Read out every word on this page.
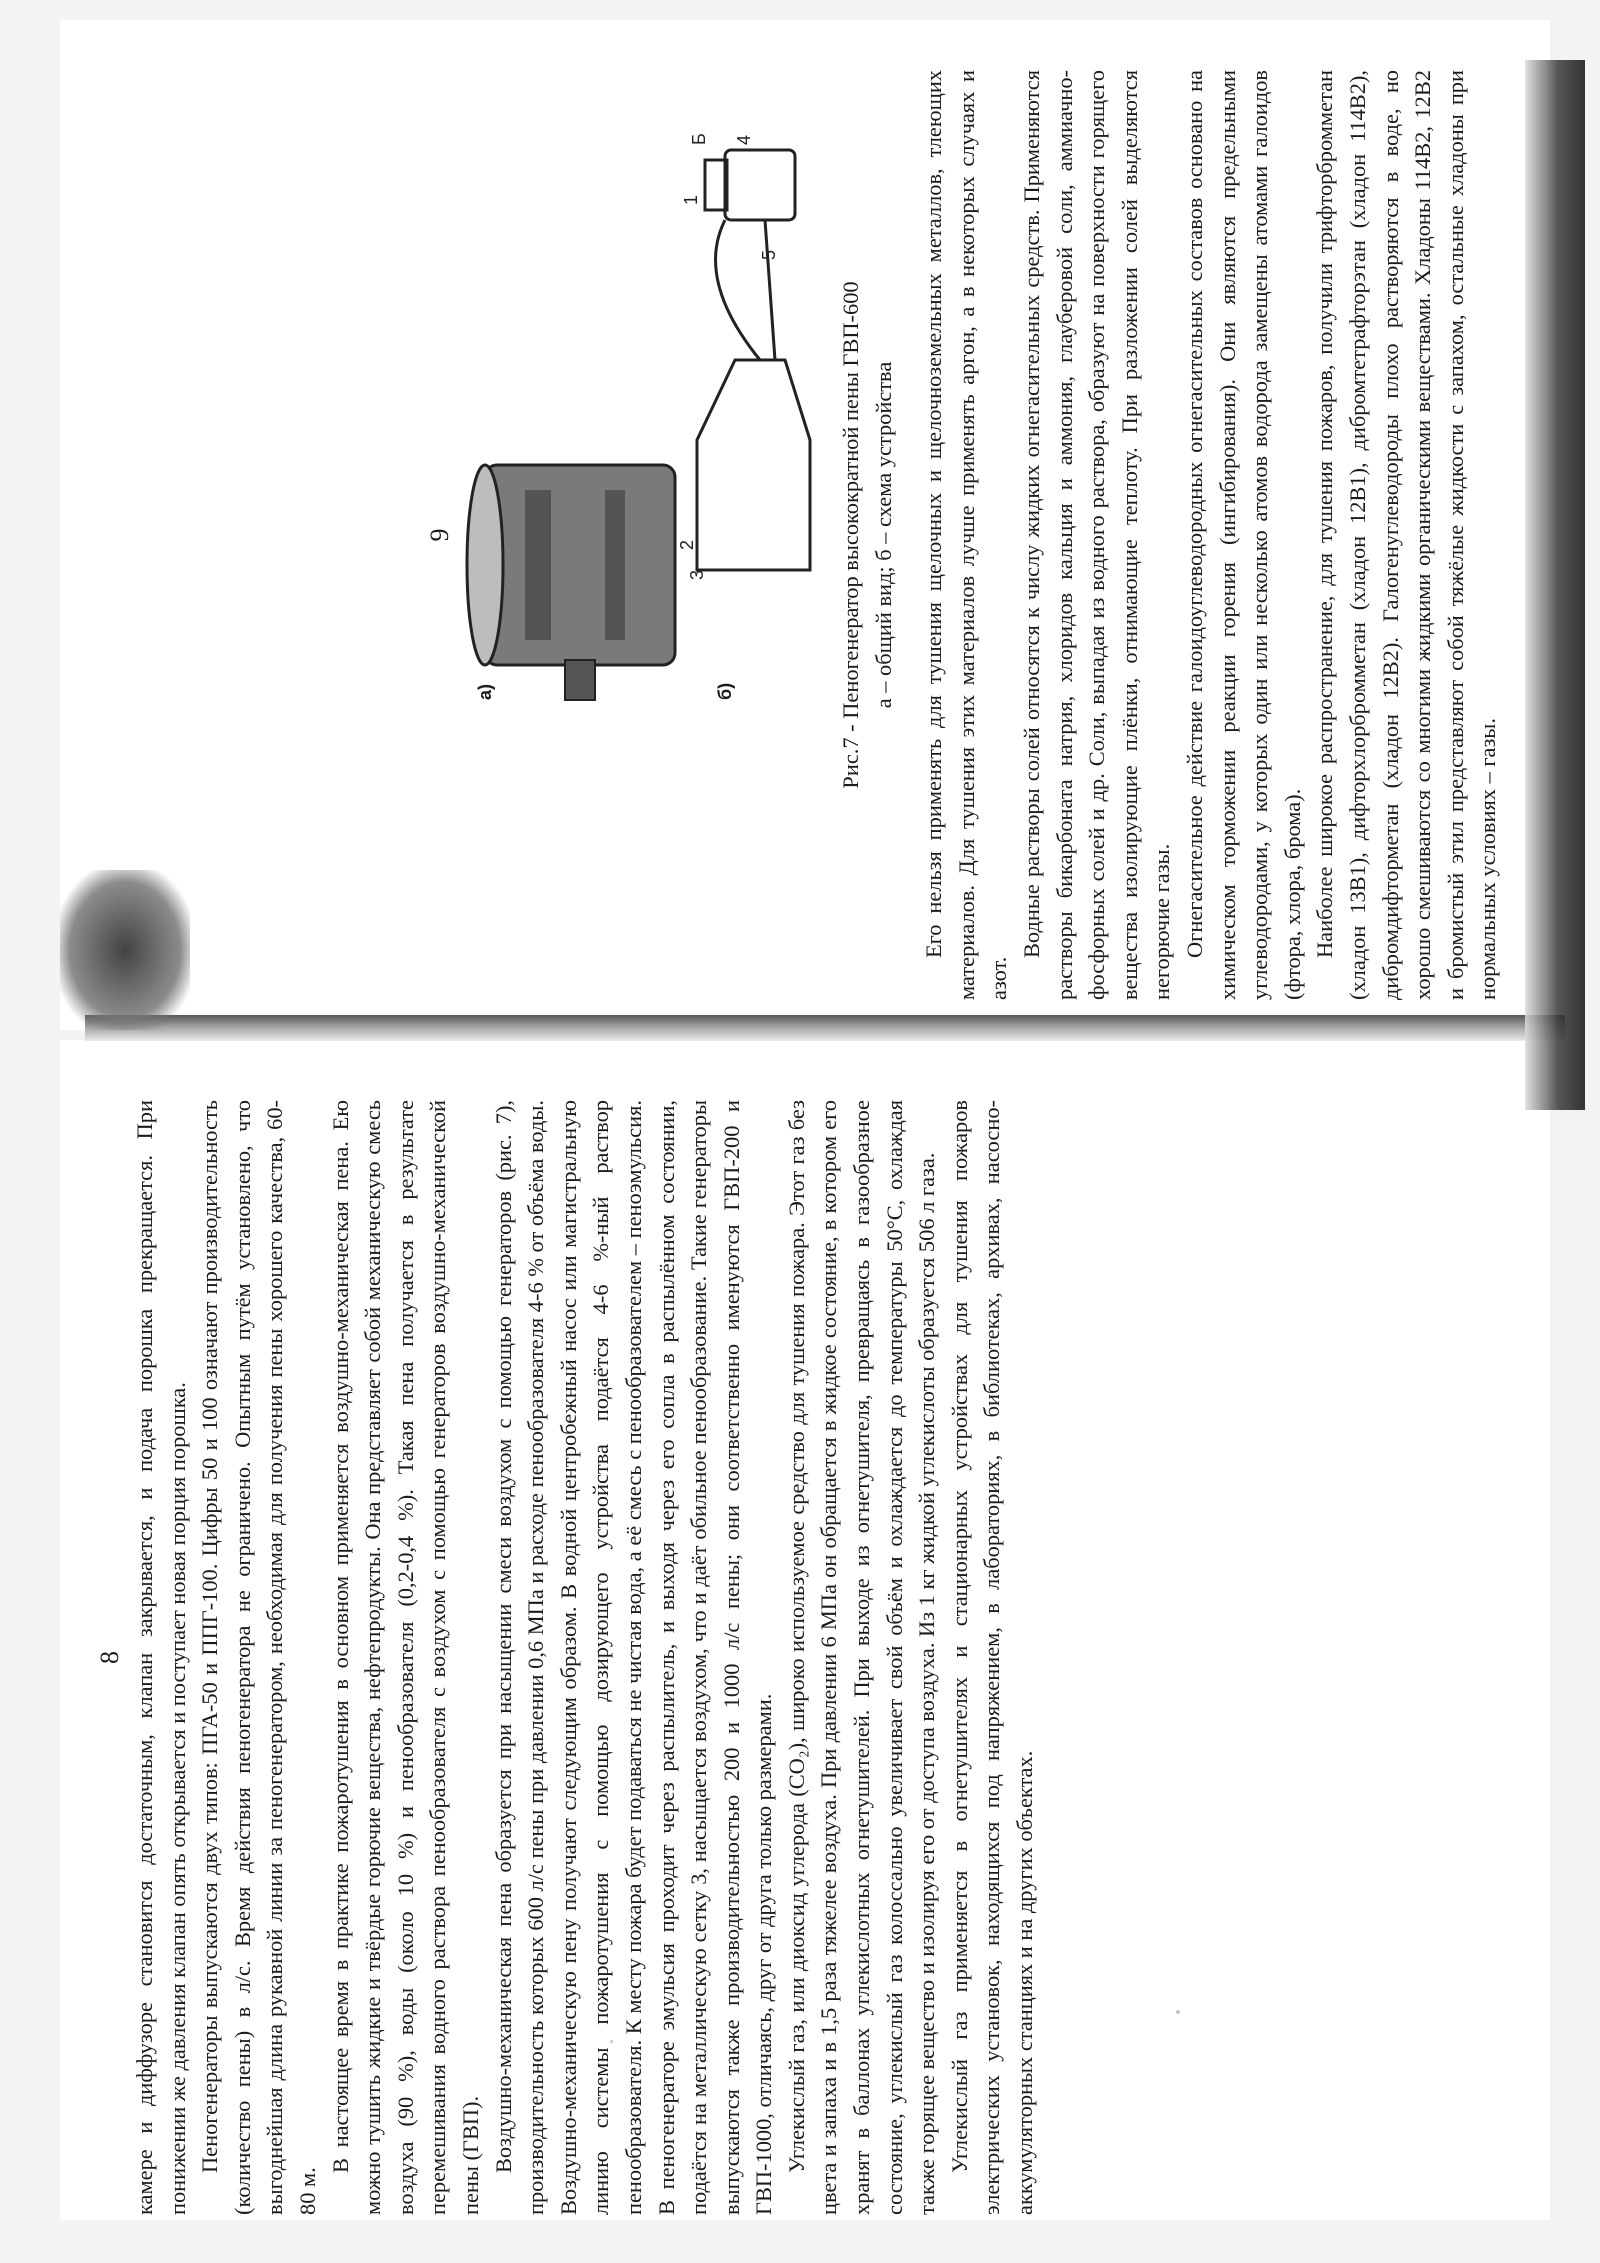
8 камере и диффузоре становится достаточным, клапан закрывается, и подача порошка прекращается. При понижении же давления клапан опять открывается и поступает новая порция порошка. Пеногенераторы выпускаются двух типов: ПГА-50 и ППГ-100. Цифры 50 и 100 означают производительность (количество пены) в л/с. Время действия пеногенератора не ограничено. Опытным путём установлено, что выгоднейшая длина рукавной линии за пеногенератором, необходимая для получения пены хорошего качества, 60-80 м.

В настоящее время в практике пожаротушения в основном применяется воздушно-механическая пена. Ею можно тушить жидкие и твёрдые горючие вещества, нефтепродукты. Она представляет собой механическую смесь воздуха (90 %), воды (около 10 %) и пенообразователя (0,2-0,4 %). Такая пена получается в результате перемешивания водного раствора пенообразователя с воздухом с помощью генераторов воздушно-механической пены (ГВП). Воздушно-механическая пена образуется при насыщении смеси воздухом с помощью генераторов (рис. 7), производительность которых 600 л/с пены при давлении 0,6 МПа и расходе пенообразователя 4-6 % от объёма воды. Воздушно-механическую пену получают следующим образом. В водной центробежный насос или магистральную линию системы пожаротушения с помощью дозирующего устройства подаётся 4-6 %-ный раствор пенообразователя. К месту пожара будет подаваться не чистая вода, а её смесь с пенообразователем – пеноэмульсия. В пеногенераторе эмульсия проходит через распылитель, и выходя через его сопла в распылённом состоянии, подаётся на металлическую сетку 3, насыщается воздухом, что и даёт обильное пенообразование. Такие генераторы выпускаются также производительностью 200 и 1000 л/с пены; они соответственно именуются ГВП-200 и ГВП-1000, отличаясь, друг от друга только размерами. Углекислый газ, или диоксид углерода (CO₂), широко используемое средство для тушения пожара. Этот газ без цвета и запаха и в 1,5 раза тяжелее воздуха. При давлении 6 МПа он обращается в жидкое состояние, в котором его хранят в баллонах углекислотных огнетушителей. При выходе из огнетушителя, превращаясь в газообразное состояние, углекислый газ колоссально увеличивает свой объём и охлаждается до температуры 50°С, охлаждая также горящее вещество и изолируя его от доступа воздуха. Из 1 кг жидкой углекислоты образуется 506 л газа. Углекислый газ применяется в огнетушителях и стационарных устройствах для тушения пожаров электрических установок, находящихся под напряжением, в лабораториях, в библиотеках, архивах, насосно-аккумуляторных станциях и на других объектах.

9
а)	б)
3
2
1
Б 4
5
Рис.7 - Пеногенератор высокократной пены ГВП-600 а – общий вид; б – схема устройства Его нельзя применять для тушения щелочных и щелочноземельных металлов, тлеющих материалов. Для тушения этих материалов лучше применять аргон, а в некоторых случаях и азот.

Водные растворы солей относятся к числу жидких огнегасительных средств. Применяются растворы бикарбоната натрия, хлоридов кальция и аммония, глауберовой соли, аммиачно-фосфорных солей и др. Соли, выпадая из водного раствора, образуют на поверхности горящего вещества изолирующие плёнки, отнимающие теплоту. При разложении солей выделяются негорючие газы. Огнегасительное действие галоидоуглеводородных огнегасительных составов основано на химическом торможении реакции горения (ингибирования). Они являются предельными углеводородами, у которых один или несколько атомов водорода замещены атомами галоидов (фтора, хлора, брома). Наиболее широкое распространение, для тушения пожаров, получили трифторбромметан (хладон 13В1), дифторхлорбромметан (хладон 12В1), дибромтетрафторэтан (хладон 114В2), дибромдифторметан (хладон 12В2). Галогенуглеводороды плохо растворяются в воде, но хорошо смешиваются со многими жидкими органическими веществами. Хладоны 114В2, 12В2 и бромистый этил представляют собой тяжёлые жидкости с запахом, остальные хладоны при нормальных условиях – газы.
